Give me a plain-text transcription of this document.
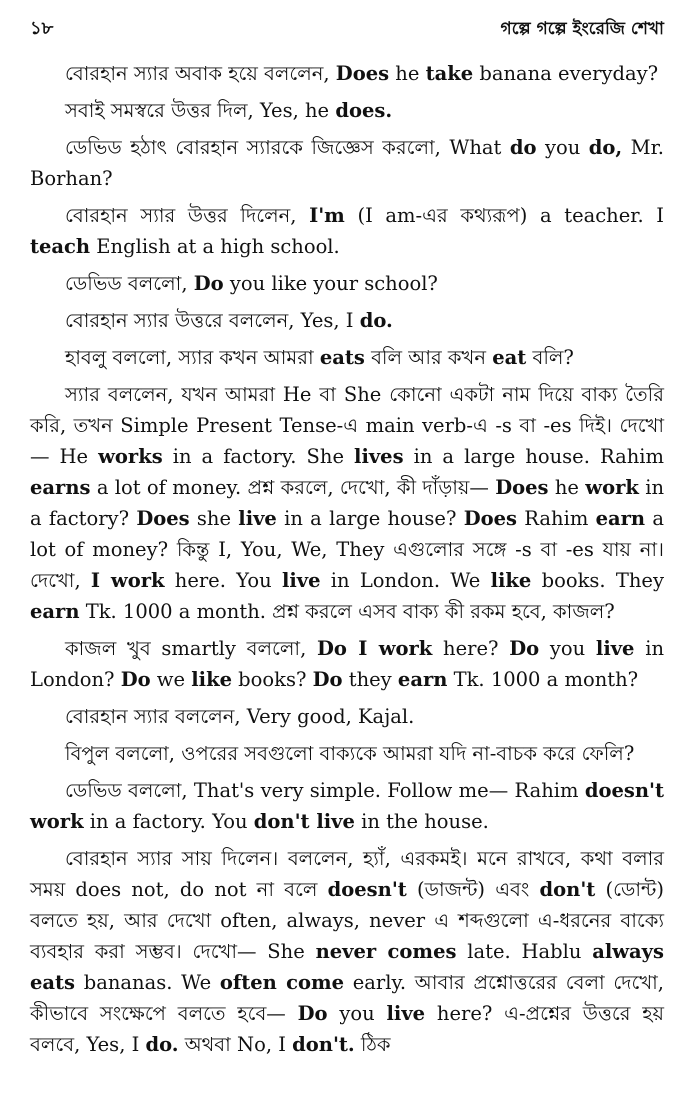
১৮	গল্পে গল্পে ইংরেজি শেখা

বোরহান স্যার অবাক হয়ে বললেন, Does he take banana everyday?

সবাই সমস্বরে উত্তর দিল, Yes, he does.

ডেভিড হঠাৎ বোরহান স্যারকে জিজ্ঞেস করলো, What do you do, Mr. Borhan?

বোরহান স্যার উত্তর দিলেন, I'm (I am-এর কথ্যরূপ) a teacher. I teach English at a high school.

ডেভিড বললো, Do you like your school?

বোরহান স্যার উত্তরে বললেন, Yes, I do.

হাবলু বললো, স্যার কখন আমরা eats বলি আর কখন eat বলি?

স্যার বললেন, যখন আমরা He বা She কোনো একটা নাম দিয়ে বাক্য তৈরি করি, তখন Simple Present Tense-এ main verb-এ -s বা -es দিই। দেখো— He works in a factory. She lives in a large house. Rahim earns a lot of money. প্রশ্ন করলে, দেখো, কী দাঁড়ায়— Does he work in a factory? Does she live in a large house? Does Rahim earn a lot of money? কিন্তু I, You, We, They এগুলোর সঙ্গে -s বা -es যায় না। দেখো, I work here. You live in London. We like books. They earn Tk. 1000 a month. প্রশ্ন করলে এসব বাক্য কী রকম হবে, কাজল?

কাজল খুব smartly বললো, Do I work here? Do you live in London? Do we like books? Do they earn Tk. 1000 a month?

বোরহান স্যার বললেন, Very good, Kajal.

বিপুল বললো, ওপরের সবগুলো বাক্যকে আমরা যদি না-বাচক করে ফেলি?

ডেভিড বললো, That's very simple. Follow me— Rahim doesn't work in a factory. You don't live in the house.

বোরহান স্যার সায় দিলেন। বললেন, হ্যাঁ, এরকমই। মনে রাখবে, কথা বলার সময় does not, do not না বলে doesn't (ডাজন্ট) এবং don't (ডোন্ট) বলতে হয়, আর দেখো often, always, never এ শব্দগুলো এ-ধরনের বাক্যে ব্যবহার করা সম্ভব। দেখো— She never comes late. Hablu always eats bananas. We often come early. আবার প্রশ্নোত্তরের বেলা দেখো, কীভাবে সংক্ষেপে বলতে হবে— Do you live here? এ-প্রশ্নের উত্তরে হয় বলবে, Yes, I do. অথবা No, I don't. ঠিক
